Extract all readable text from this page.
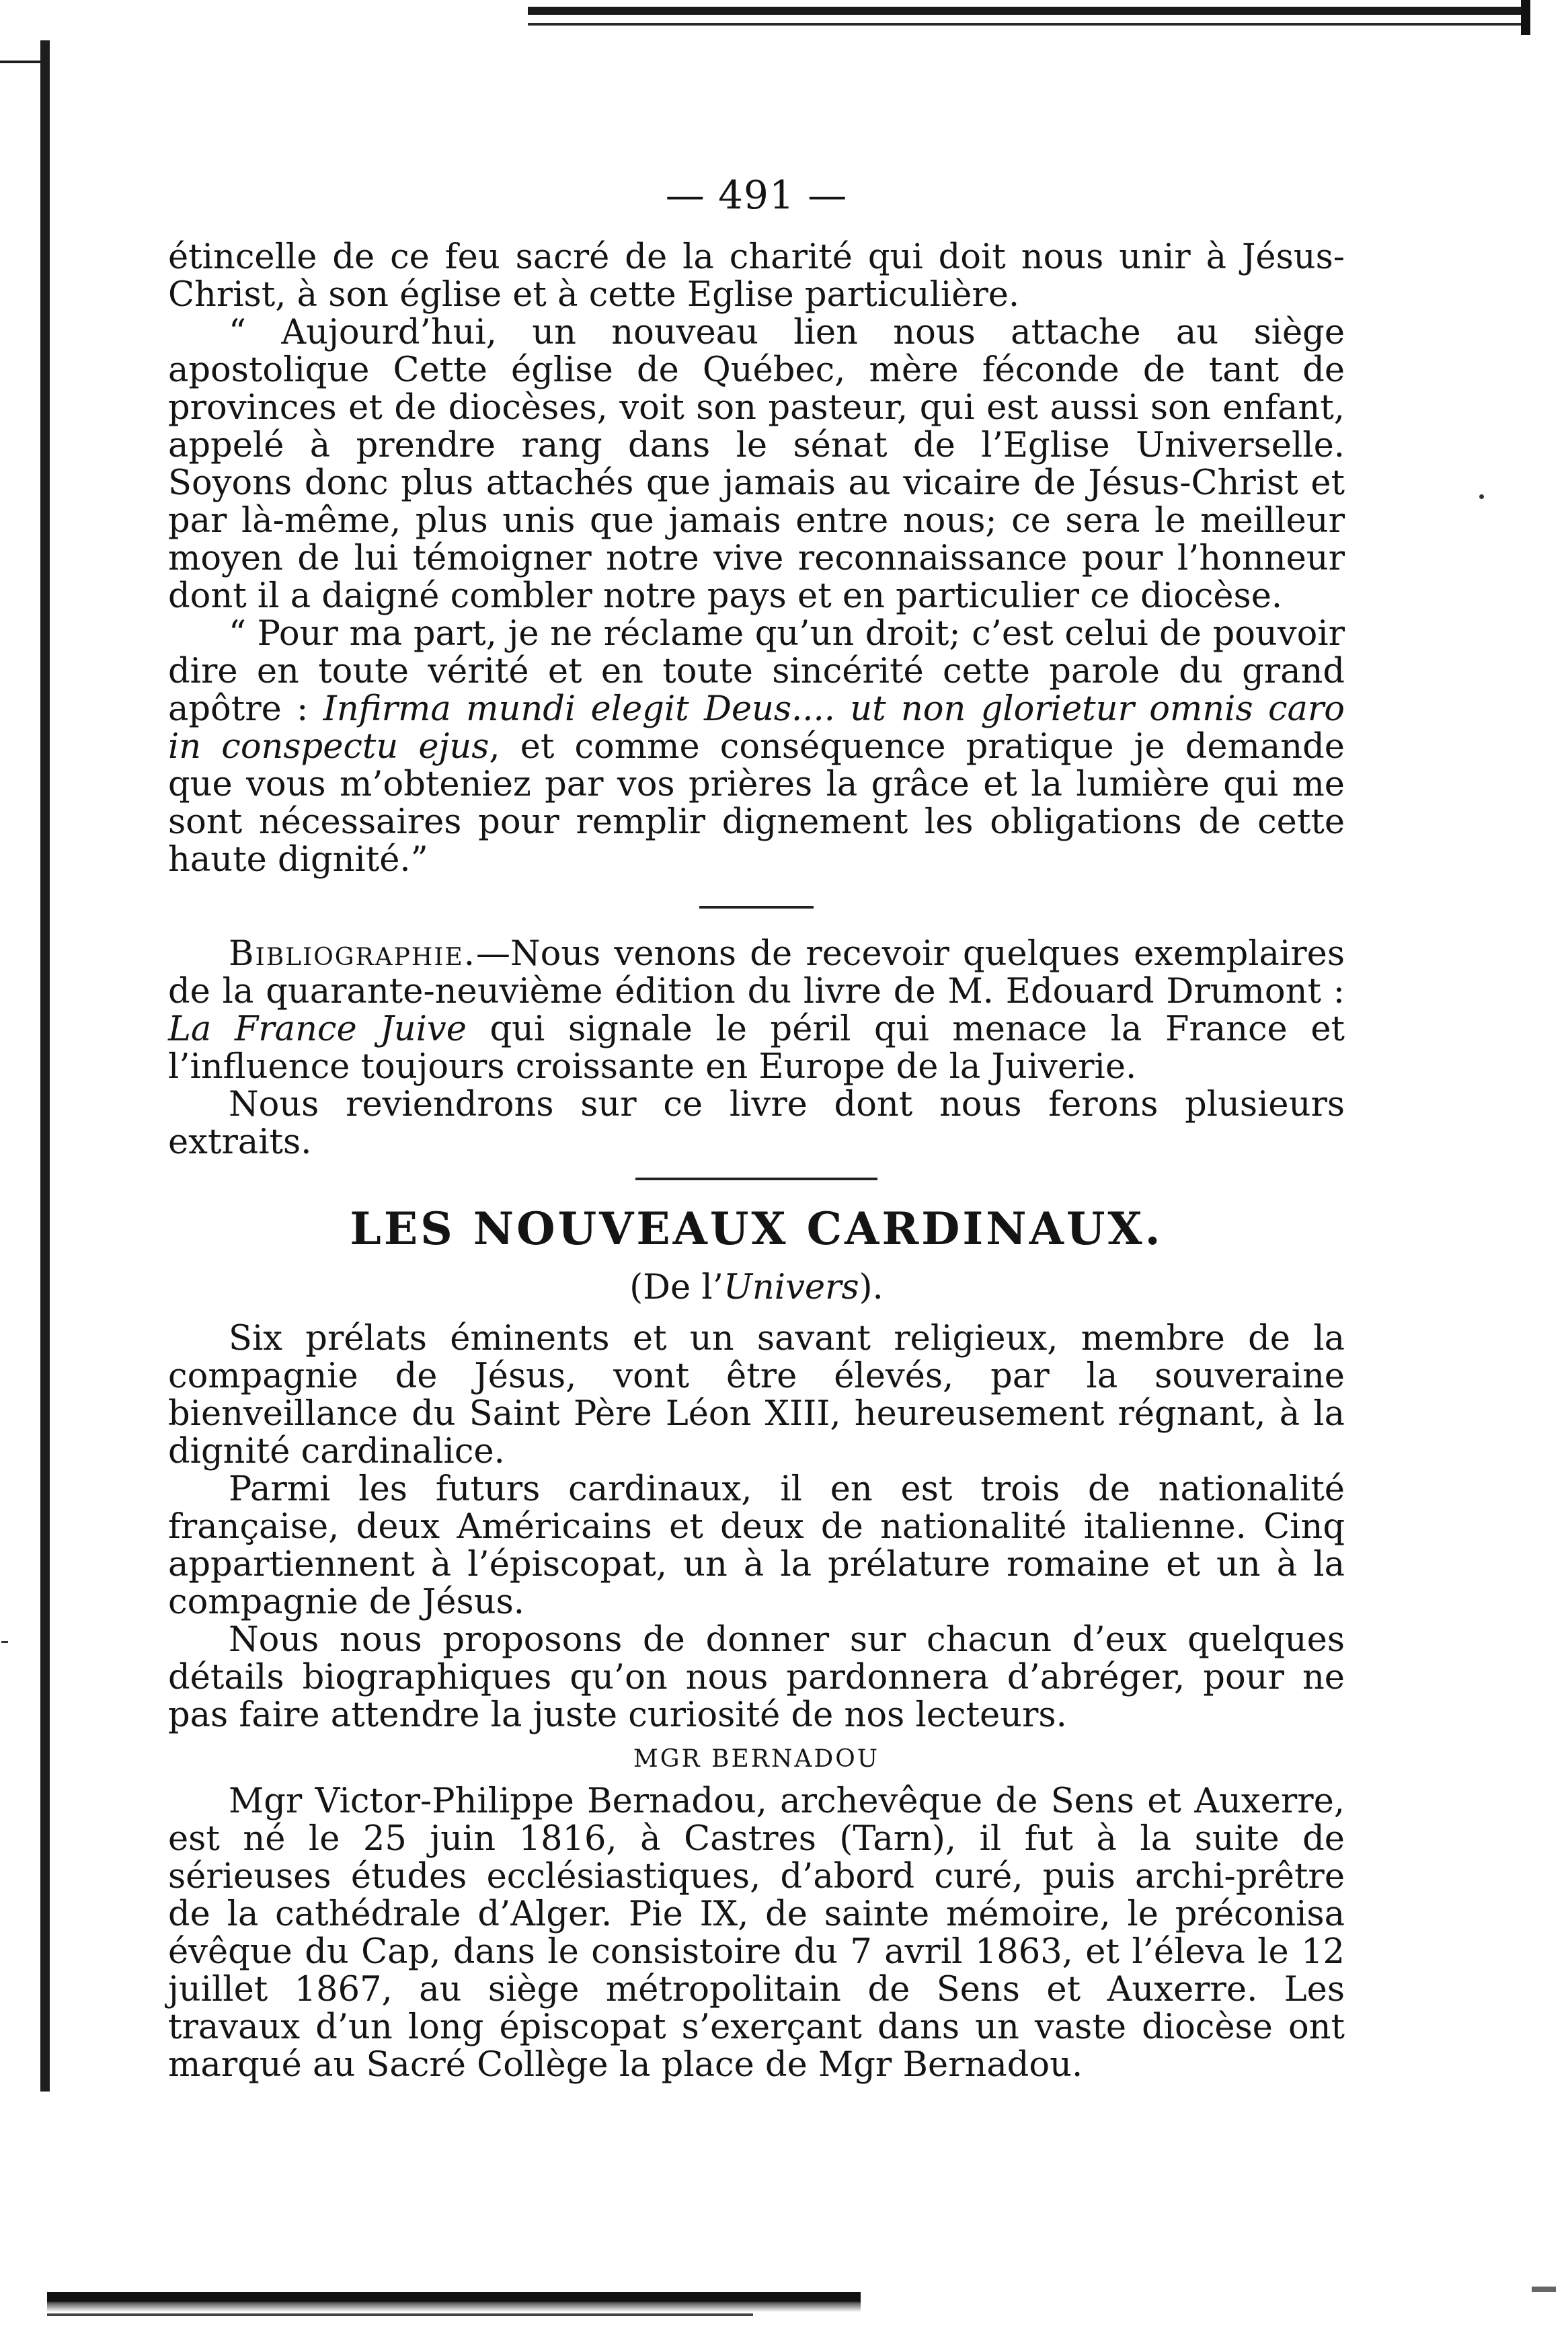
— 491 —

étincelle de ce feu sacré de la charité qui doit nous unir à Jésus-Christ, à son église et à cette Eglise particulière.

“ Aujourd’hui, un nouveau lien nous attache au siège apostolique Cette église de Québec, mère féconde de tant de provinces et de diocèses, voit son pasteur, qui est aussi son enfant, appelé à prendre rang dans le sénat de l’Eglise Universelle. Soyons donc plus attachés que jamais au vicaire de Jésus-Christ et par là-même, plus unis que jamais entre nous; ce sera le meilleur moyen de lui témoigner notre vive reconnaissance pour l’honneur dont il a daigné combler notre pays et en particulier ce diocèse.

“ Pour ma part, je ne réclame qu’un droit; c’est celui de pouvoir dire en toute vérité et en toute sincérité cette parole du grand apôtre : Infirma mundi elegit Deus.... ut non glorietur omnis caro in conspectu ejus, et comme conséquence pratique je demande que vous m’obteniez par vos prières la grâce et la lumière qui me sont nécessaires pour remplir dignement les obligations de cette haute dignité.”

Bibliographie.—Nous venons de recevoir quelques exemplaires de la quarante-neuvième édition du livre de M. Edouard Drumont : La France Juive qui signale le péril qui menace la France et l’influence toujours croissante en Europe de la Juiverie.

Nous reviendrons sur ce livre dont nous ferons plusieurs extraits.

LES NOUVEAUX CARDINAUX.
(De l’Univers).

Six prélats éminents et un savant religieux, membre de la compagnie de Jésus, vont être élevés, par la souveraine bienveillance du Saint Père Léon XIII, heureusement régnant, à la dignité cardinalice.

Parmi les futurs cardinaux, il en est trois de nationalité française, deux Américains et deux de nationalité italienne. Cinq appartiennent à l’épiscopat, un à la prélature romaine et un à la compagnie de Jésus.

Nous nous proposons de donner sur chacun d’eux quelques détails biographiques qu’on nous pardonnera d’abréger, pour ne pas faire attendre la juste curiosité de nos lecteurs.

MGR BERNADOU

Mgr Victor-Philippe Bernadou, archevêque de Sens et Auxerre, est né le 25 juin 1816, à Castres (Tarn), il fut à la suite de sérieuses études ecclésiastiques, d’abord curé, puis archi-prêtre de la cathédrale d’Alger. Pie IX, de sainte mémoire, le préconisa évêque du Cap, dans le consistoire du 7 avril 1863, et l’éleva le 12 juillet 1867, au siège métropolitain de Sens et Auxerre. Les travaux d’un long épiscopat s’exerçant dans un vaste diocèse ont marqué au Sacré Collège la place de Mgr Bernadou.
